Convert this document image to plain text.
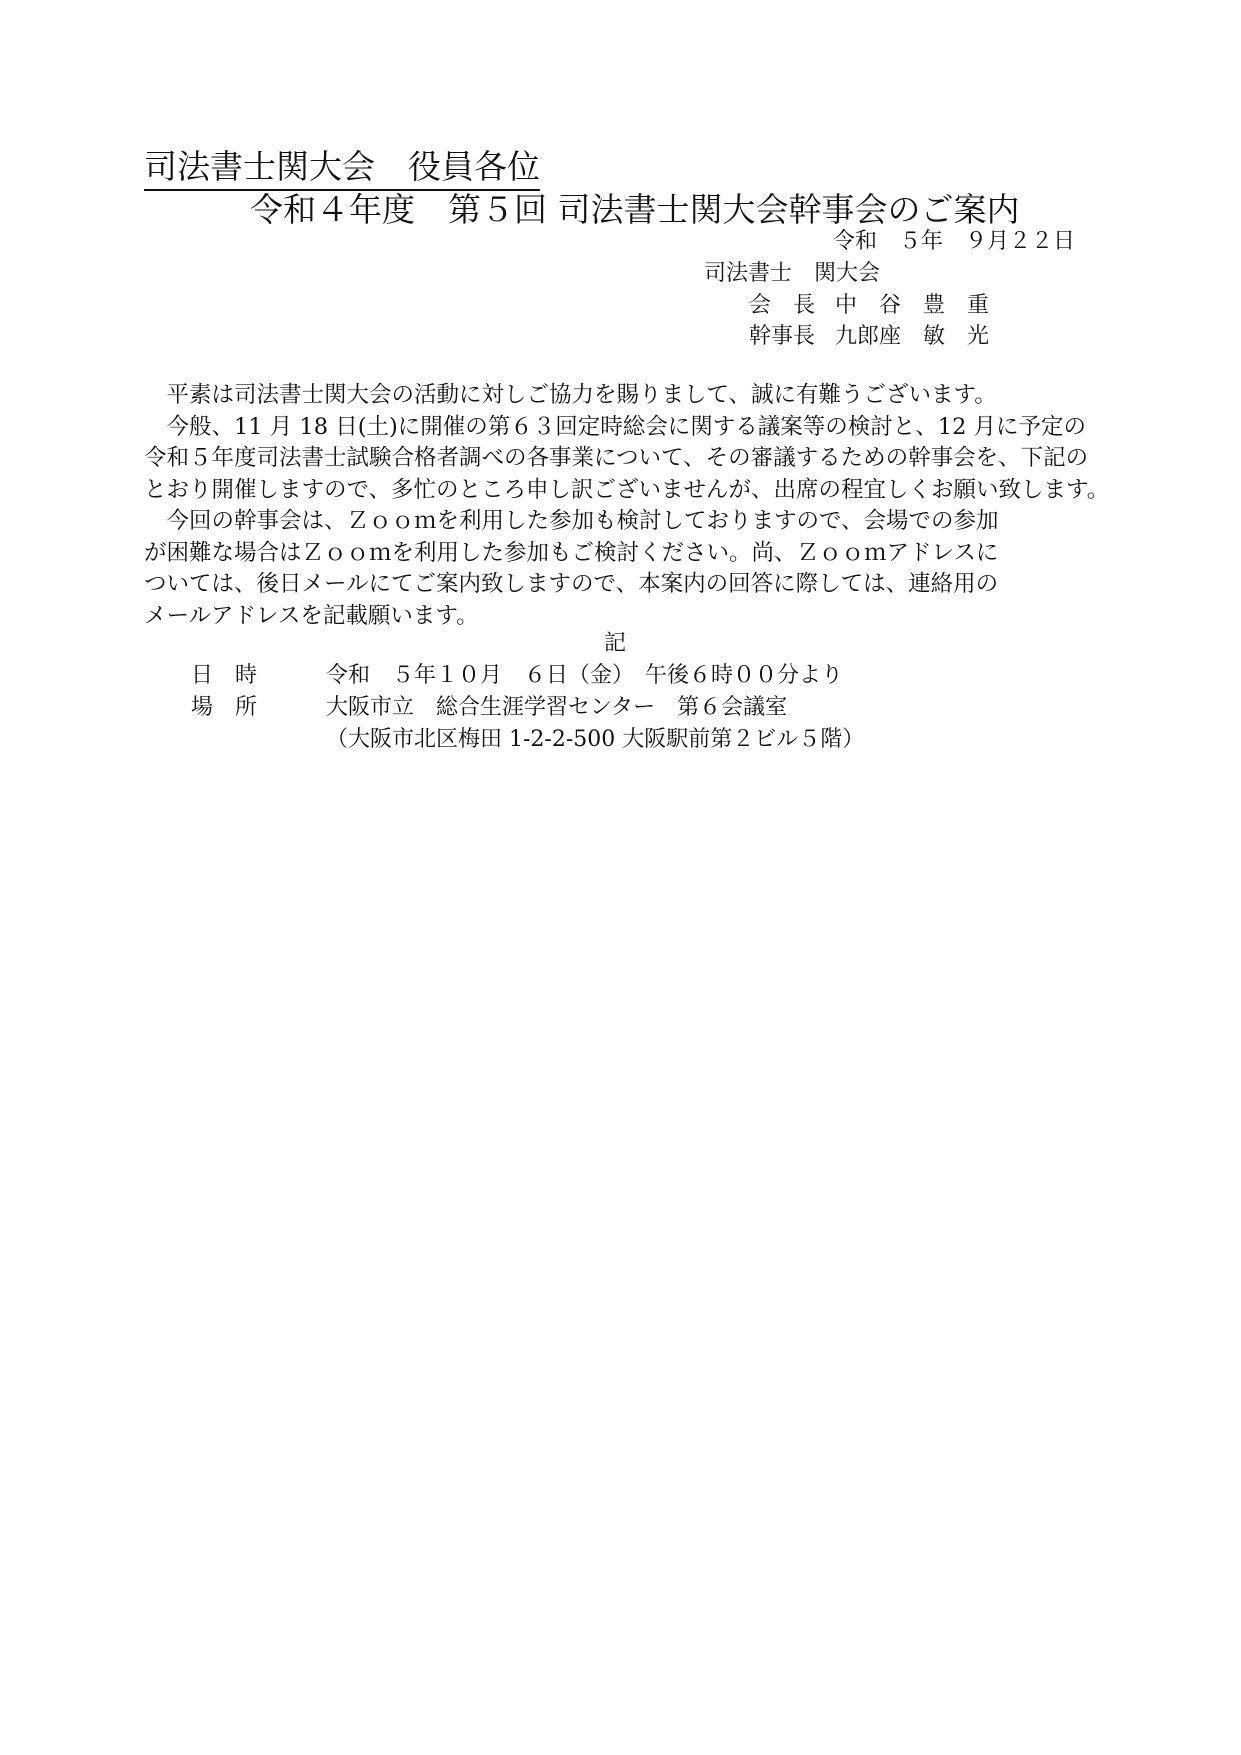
司法書士関大会　役員各位
令和４年度　第５回 司法書士関大会幹事会のご案内
令和　５年　９月２２日
司法書士　関大会
会　長 中　谷　豊　重
幹事長 九郎座　敏　光

　平素は司法書士関大会の活動に対しご協力を賜りまして、誠に有難うございます。

　今般、11 月 18 日(土)に開催の第６３回定時総会に関する議案等の検討と、12 月に予定の

令和５年度司法書士試験合格者調べの各事業について、その審議するための幹事会を、下記の

とおり開催しますので、多忙のところ申し訳ございませんが、出席の程宜しくお願い致します。

　今回の幹事会は、Ｚｏｏｍを利用した参加も検討しておりますので、会場での参加

が困難な場合はＺｏｏｍを利用した参加もご検討ください。尚、Ｚｏｏｍアドレスに

ついては、後日メールにてご案内致しますので、本案内の回答に際しては、連絡用の

メールアドレスを記載願います。

記
日　時	令和　５年１０月　６日（金）　午後６時００分より
場　所	大阪市立　総合生涯学習センター　第６会議室
（大阪市北区梅田 1-2-2-500 大阪駅前第２ビル５階）
